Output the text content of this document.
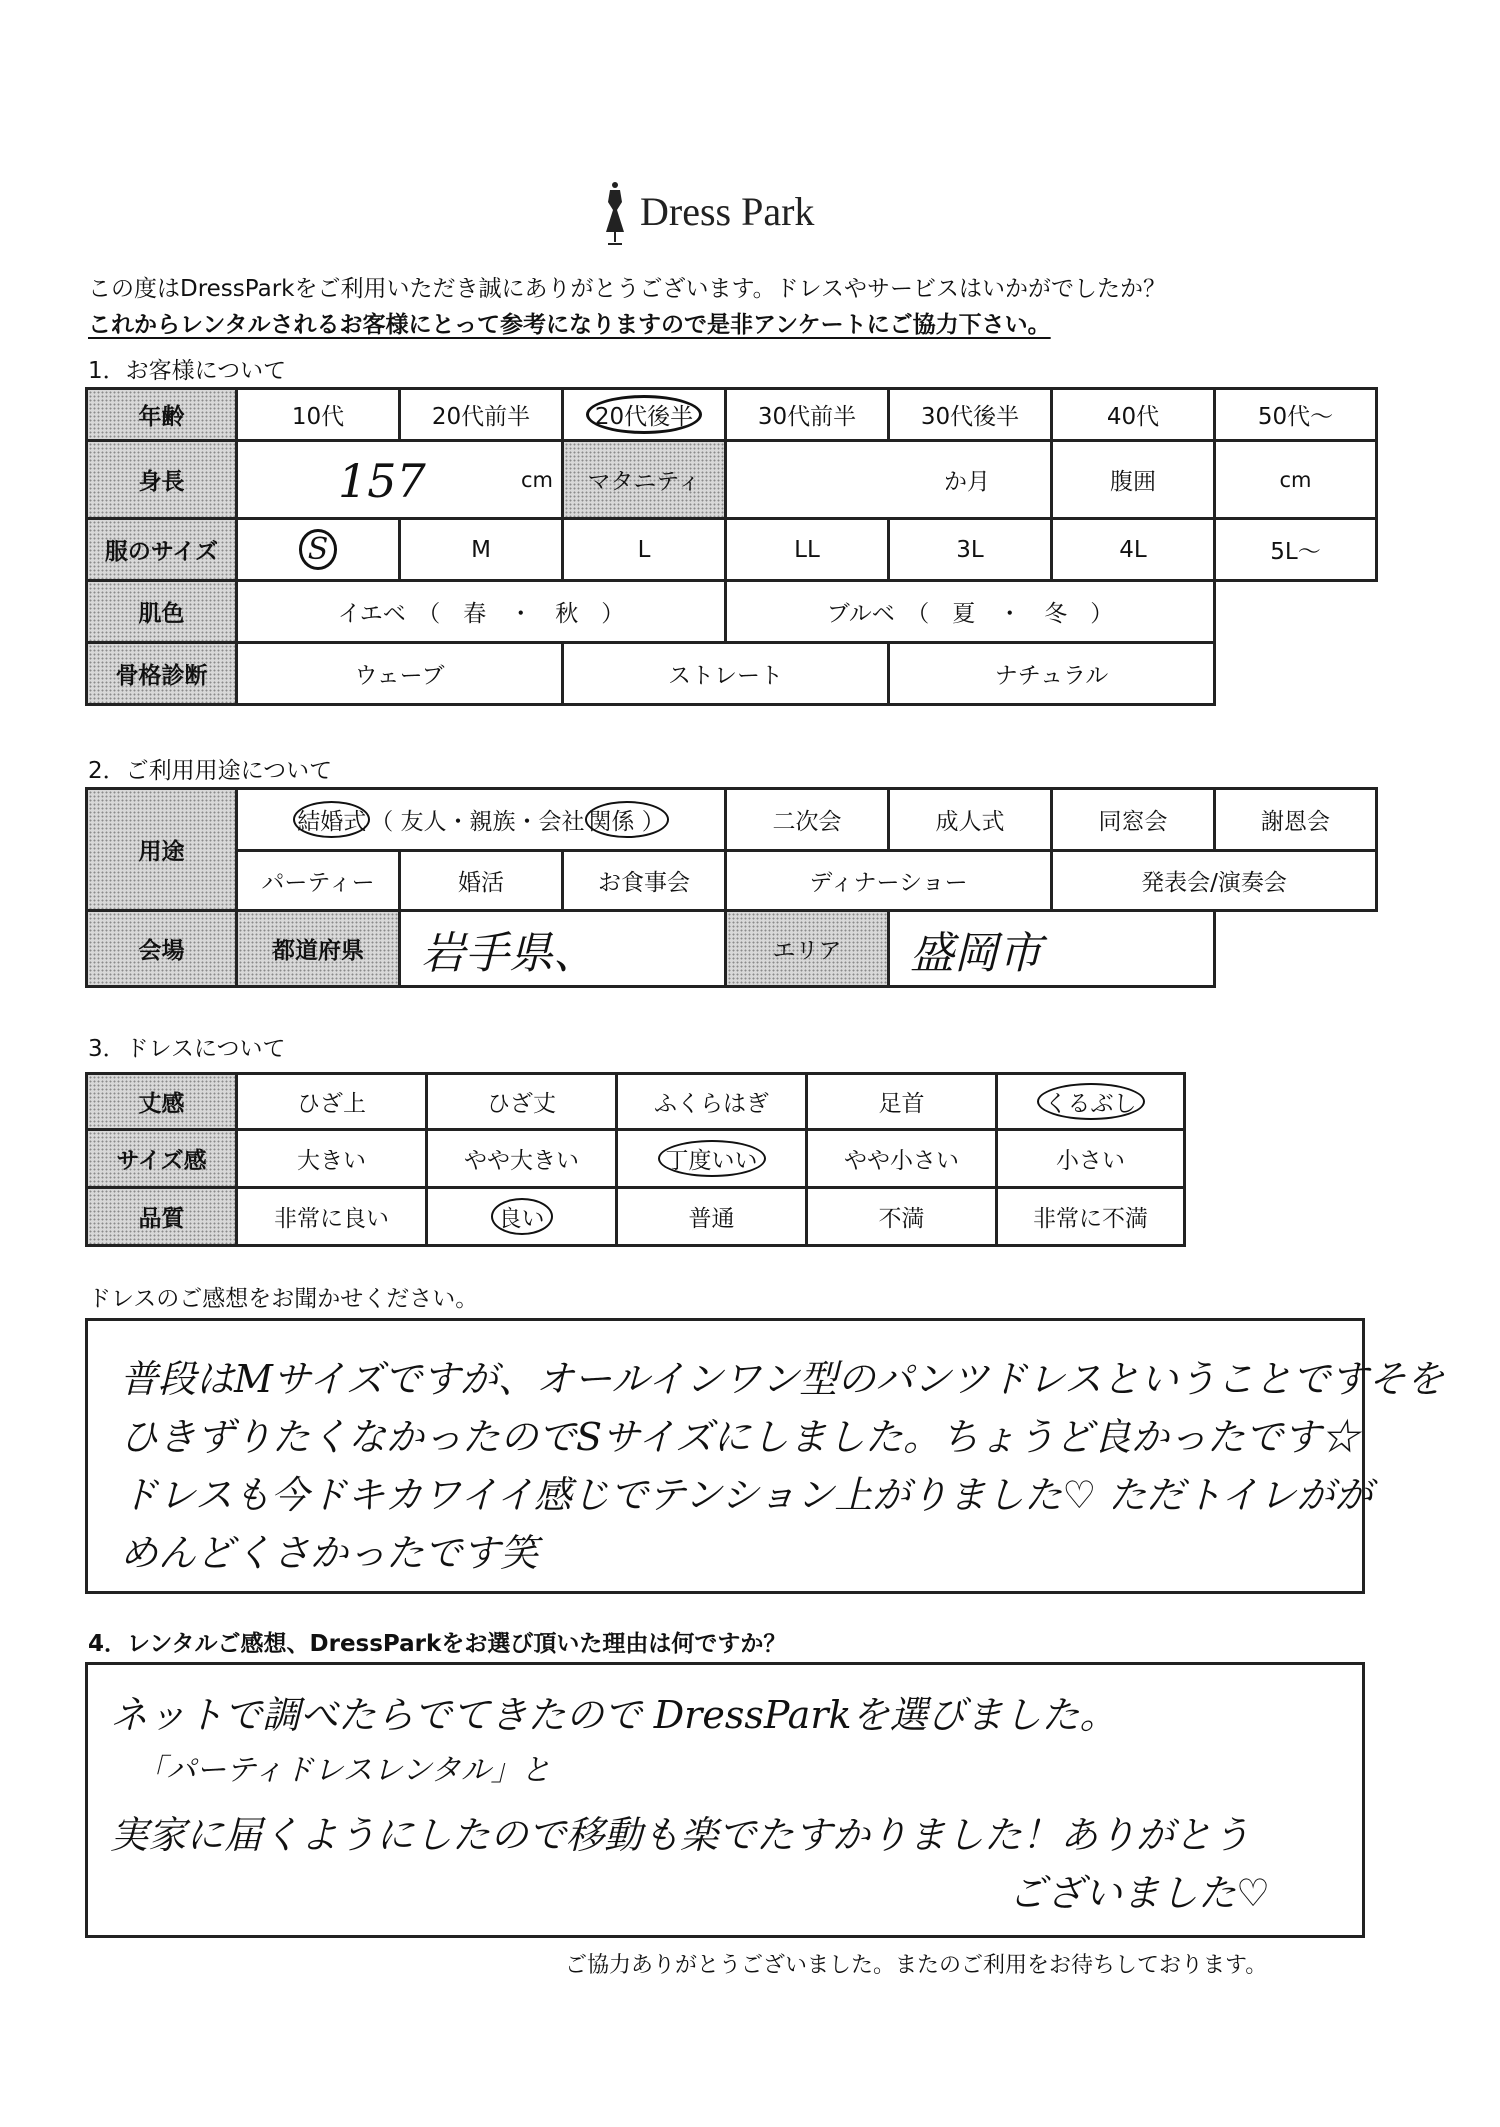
Dress Park
この度はDressParkをご利用いただき誠にありがとうございます。ドレスやサービスはいかがでしたか？
これからレンタルされるお客様にとって参考になりますので是非アンケートにご協力下さい。
1．お客様について
年齢	10代	20代前半	20代後半	30代前半	30代後半	40代	50代～
身長	157 cm		マタニティ	か月		腹囲	cm
服のサイズ	S	M	L	LL	3L	4L	5L～
肌色	イエベ　（　春　・　秋　）			ブルベ　（　夏　・　冬　）			
骨格診断	ウェーブ		ストレート		ナチュラル		
2．ご利用用途について
用途	結婚式 （ 友人・親族・会社 関係 ）			二次会	成人式	同窓会	謝恩会
	パーティー	婚活	お食事会	ディナーショー		発表会/演奏会	
会場	都道府県	岩手県、		エリア	盛岡市		
3．ドレスについて
丈感	ひざ上	ひざ丈	ふくらはぎ	足首	くるぶし
サイズ感	大きい	やや大きい	丁度いい	やや小さい	小さい
品質	非常に良い	良い	普通	不満	非常に不満
ドレスのご感想をお聞かせください。
普段はMサイズですが、オールインワン型のパンツドレスということですそを
ひきずりたくなかったのでSサイズにしました。ちょうど良かったです☆
ドレスも今ドキカワイイ感じでテンション上がりました♡ ただトイレがが
めんどくさかったです笑
4．レンタルご感想、DressParkをお選び頂いた理由は何ですか？
ネットで調べたらでてきたので DressParkを選びました。
「パーティドレスレンタル」と
実家に届くようにしたので移動も楽でたすかりました！ありがとう
ございました♡
ご協力ありがとうございました。またのご利用をお待ちしております。
